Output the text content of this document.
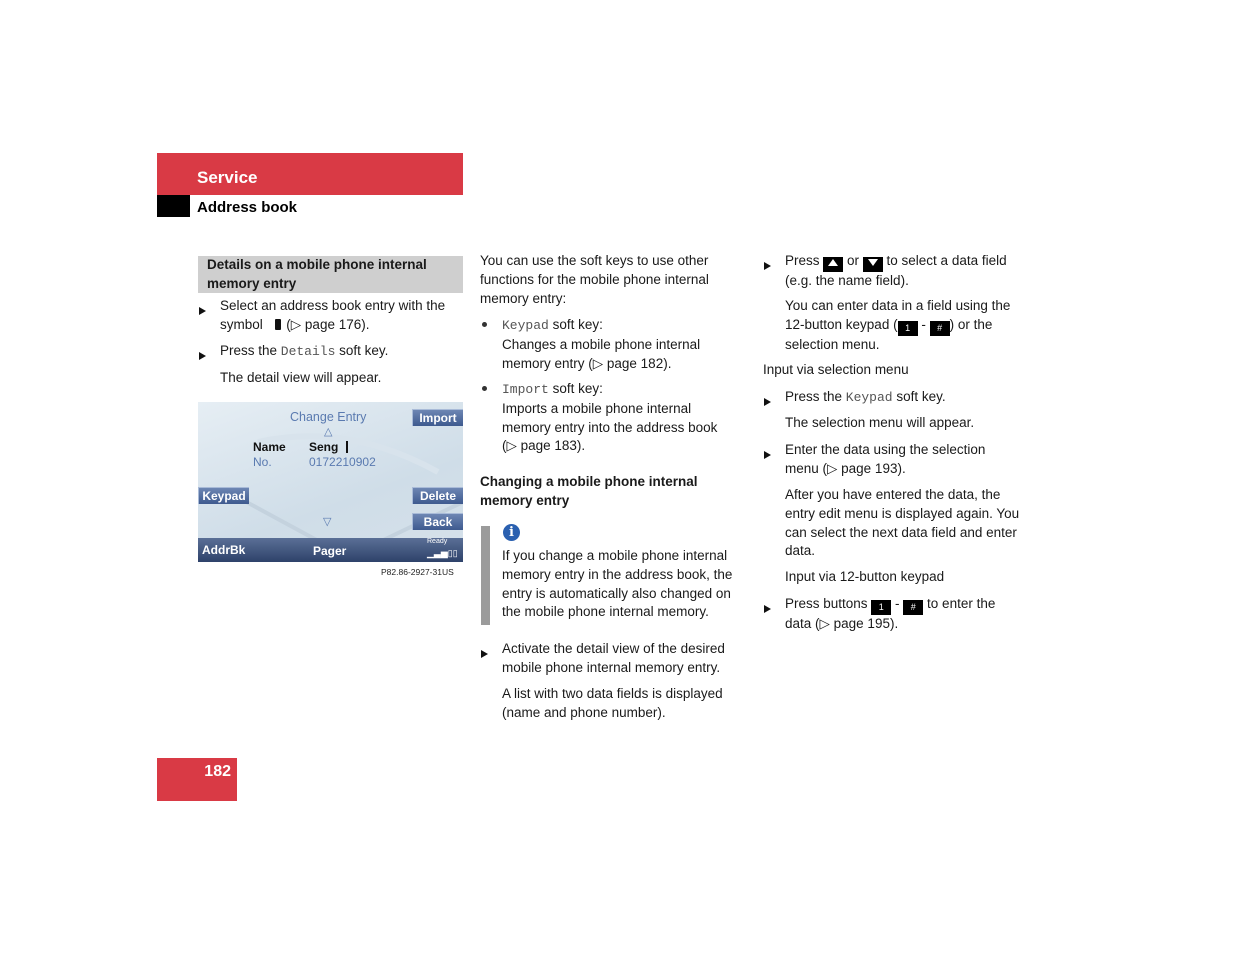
Service
Address book
Details on a mobile phone internal memory entry
Select an address book entry with the
symbol (▷ page 176).
Press the Details soft key.
The detail view will appear.
Change Entry
△
Import
Name Seng
No.	0172210902
Keypad	Delete
▽	Back
AddrBk	Pager
Ready
▁▃▅▯▯
P82.86-2927-31US
You can use the soft keys to use other
functions for the mobile phone internal
memory entry:
Keypad soft key:
Changes a mobile phone internal
memory entry (▷ page 182).
Import soft key:
Imports a mobile phone internal
memory entry into the address book
(▷ page 183).
Changing a mobile phone internal
memory entry
i
If you change a mobile phone internal
memory entry in the address book, the
entry is automatically also changed on
the mobile phone internal memory.
Activate the detail view of the desired
mobile phone internal memory entry.
A list with two data fields is displayed
(name and phone number).
Press  or  to select a data field
(e.g. the name field).
You can enter data in a field using the
12-button keypad ( 1 - # ) or the
selection menu.
Input via selection menu
Press the Keypad soft key.
The selection menu will appear.
Enter the data using the selection
menu (▷ page 193).
After you have entered the data, the
entry edit menu is displayed again. You
can select the next data field and enter
data.
Input via 12-button keypad
Press buttons 1 - # to enter the
data (▷ page 195).
182
